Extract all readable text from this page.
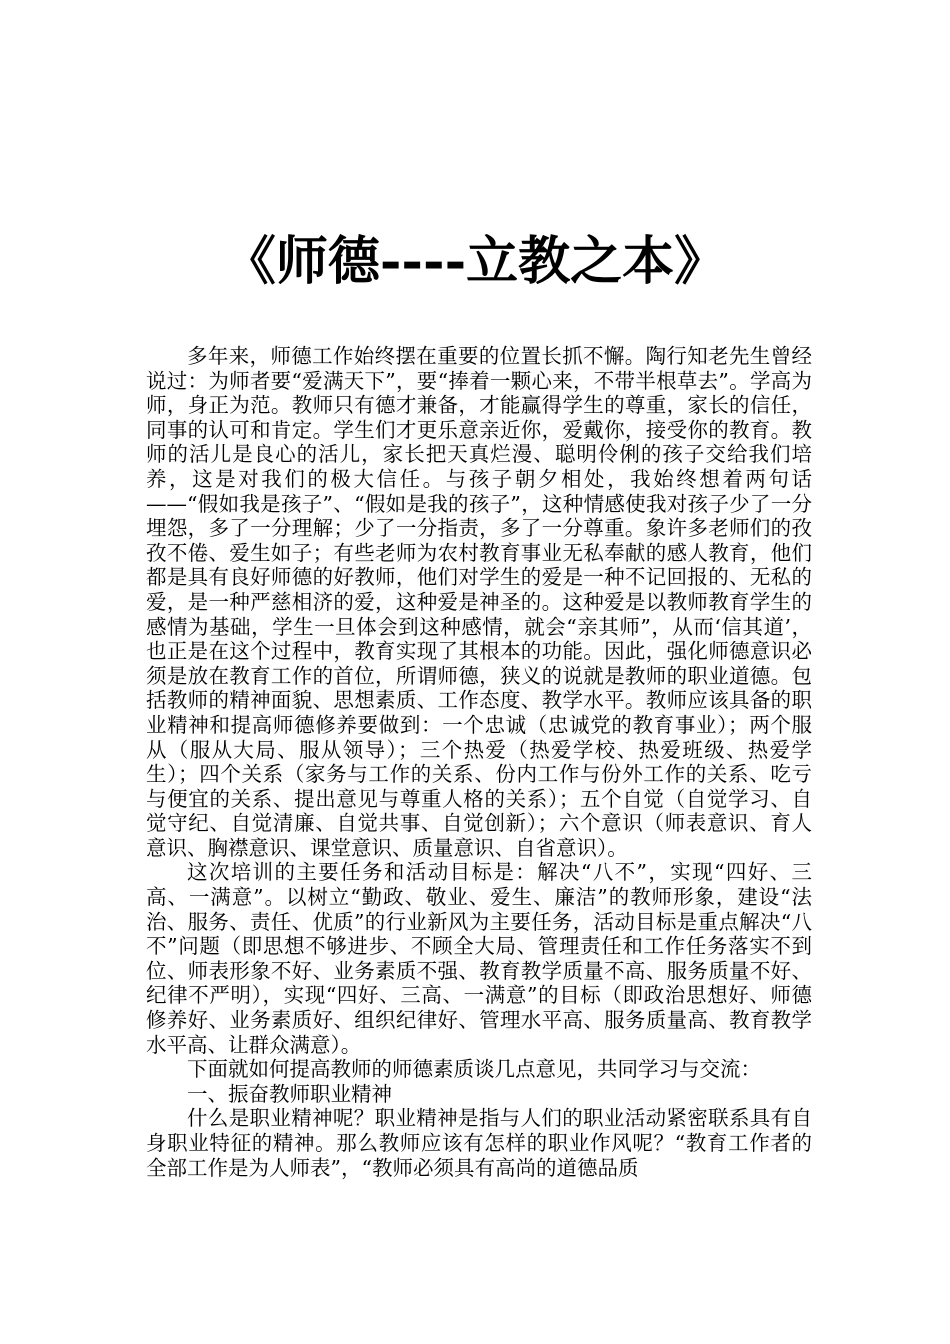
《师德----立教之本》

多年来，师德工作始终摆在重要的位置长抓不懈。陶行知老先生曾经说过：为师者要“爱满天下”，要“捧着一颗心来，不带半根草去”。学高为师，身正为范。教师只有德才兼备，才能赢得学生的尊重，家长的信任，同事的认可和肯定。学生们才更乐意亲近你，爱戴你，接受你的教育。教师的活儿是良心的活儿，家长把天真烂漫、聪明伶俐的孩子交给我们培养，这是对我们的极大信任。与孩子朝夕相处，我始终想着两句话——“假如我是孩子”、“假如是我的孩子”，这种情感使我对孩子少了一分埋怨，多了一分理解；少了一分指责，多了一分尊重。象许多老师们的孜孜不倦、爱生如子；有些老师为农村教育事业无私奉献的感人教育，他们都是具有良好师德的好教师，他们对学生的爱是一种不记回报的、无私的爱，是一种严慈相济的爱，这种爱是神圣的。这种爱是以教师教育学生的感情为基础，学生一旦体会到这种感情，就会“亲其师”，从而‘信其道’，也正是在这个过程中，教育实现了其根本的功能。因此，强化师德意识必须是放在教育工作的首位，所谓师德，狭义的说就是教师的职业道德。包括教师的精神面貌、思想素质、工作态度、教学水平。教师应该具备的职业精神和提高师德修养要做到：一个忠诚（忠诚党的教育事业）；两个服从（服从大局、服从领导）；三个热爱（热爱学校、热爱班级、热爱学生）；四个关系（家务与工作的关系、份内工作与份外工作的关系、吃亏与便宜的关系、提出意见与尊重人格的关系）；五个自觉（自觉学习、自觉守纪、自觉清廉、自觉共事、自觉创新）；六个意识（师表意识、育人意识、胸襟意识、课堂意识、质量意识、自省意识）。

这次培训的主要任务和活动目标是：解决“八不”，实现“四好、三高、一满意”。以树立“勤政、敬业、爱生、廉洁”的教师形象，建设“法治、服务、责任、优质”的行业新风为主要任务，活动目标是重点解决“八不”问题（即思想不够进步、不顾全大局、管理责任和工作任务落实不到位、师表形象不好、业务素质不强、教育教学质量不高、服务质量不好、纪律不严明），实现“四好、三高、一满意”的目标（即政治思想好、师德修养好、业务素质好、组织纪律好、管理水平高、服务质量高、教育教学水平高、让群众满意）。

下面就如何提高教师的师德素质谈几点意见，共同学习与交流：

一、振奋教师职业精神

什么是职业精神呢？职业精神是指与人们的职业活动紧密联系具有自身职业特征的精神。那么教师应该有怎样的职业作风呢？“教育工作者的全部工作是为人师表”，“教师必须具有高尚的道德品质
